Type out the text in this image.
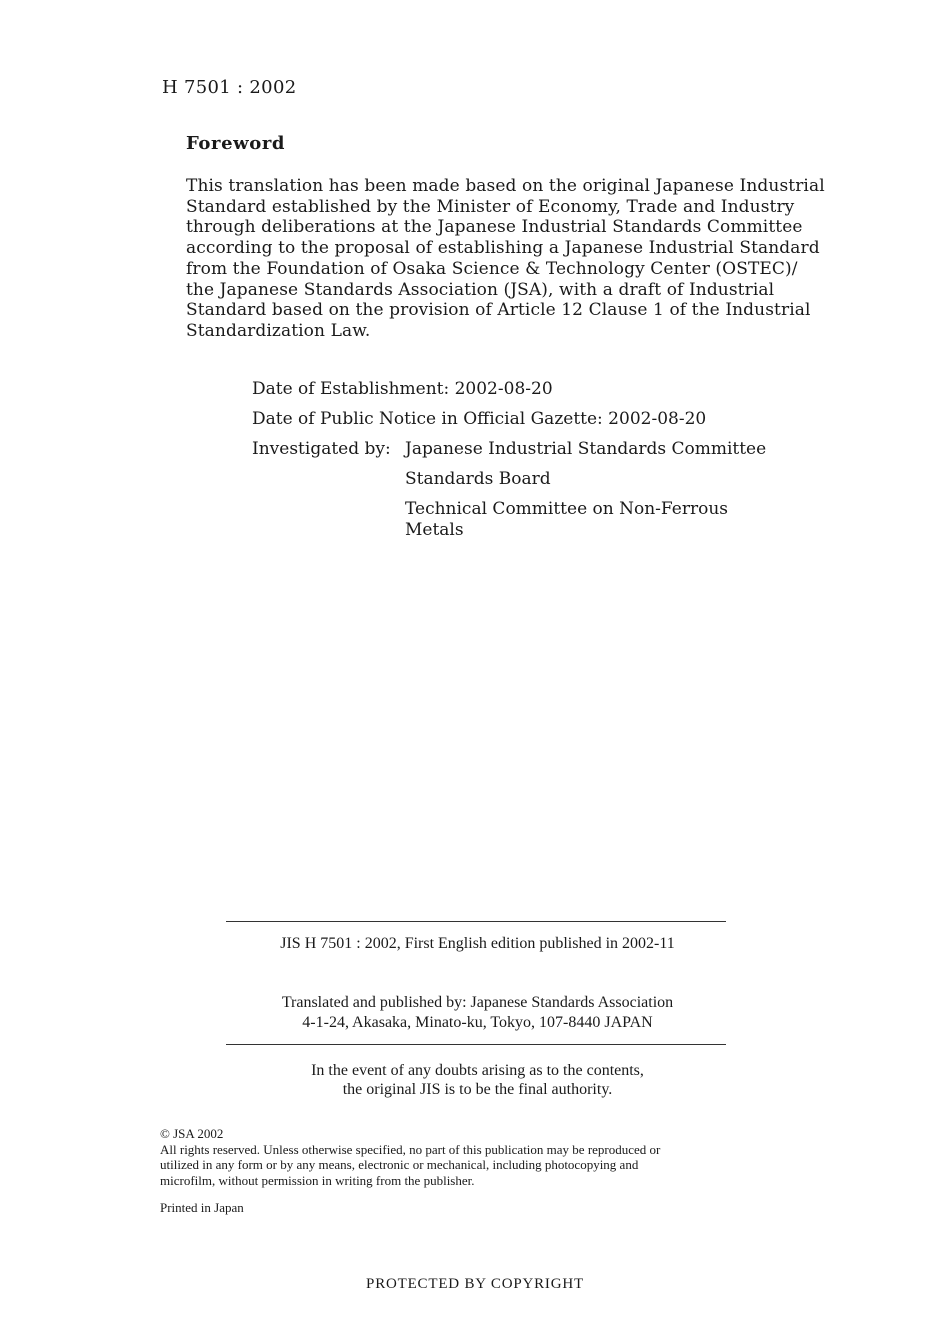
H 7501 : 2002
Foreword
This translation has been made based on the original Japanese Industrial
Standard established by the Minister of Economy, Trade and Industry
through deliberations at the Japanese Industrial Standards Committee
according to the proposal of establishing a Japanese Industrial Standard
from the Foundation of Osaka Science & Technology Center (OSTEC)/
the Japanese Standards Association (JSA), with a draft of Industrial
Standard based on the provision of Article 12 Clause 1 of the Industrial
Standardization Law.
Date of Establishment: 2002-08-20
Date of Public Notice in Official Gazette: 2002-08-20
Investigated by: Japanese Industrial Standards Committee
Standards Board
Technical Committee on Non-Ferrous
Metals
JIS H 7501 : 2002, First English edition published in 2002-11
Translated and published by: Japanese Standards Association
4-1-24, Akasaka, Minato-ku, Tokyo, 107-8440 JAPAN
In the event of any doubts arising as to the contents,
the original JIS is to be the final authority.
© JSA 2002
All rights reserved. Unless otherwise specified, no part of this publication may be reproduced or
utilized in any form or by any means, electronic or mechanical, including photocopying and
microfilm, without permission in writing from the publisher.
Printed in Japan
PROTECTED BY COPYRIGHT
